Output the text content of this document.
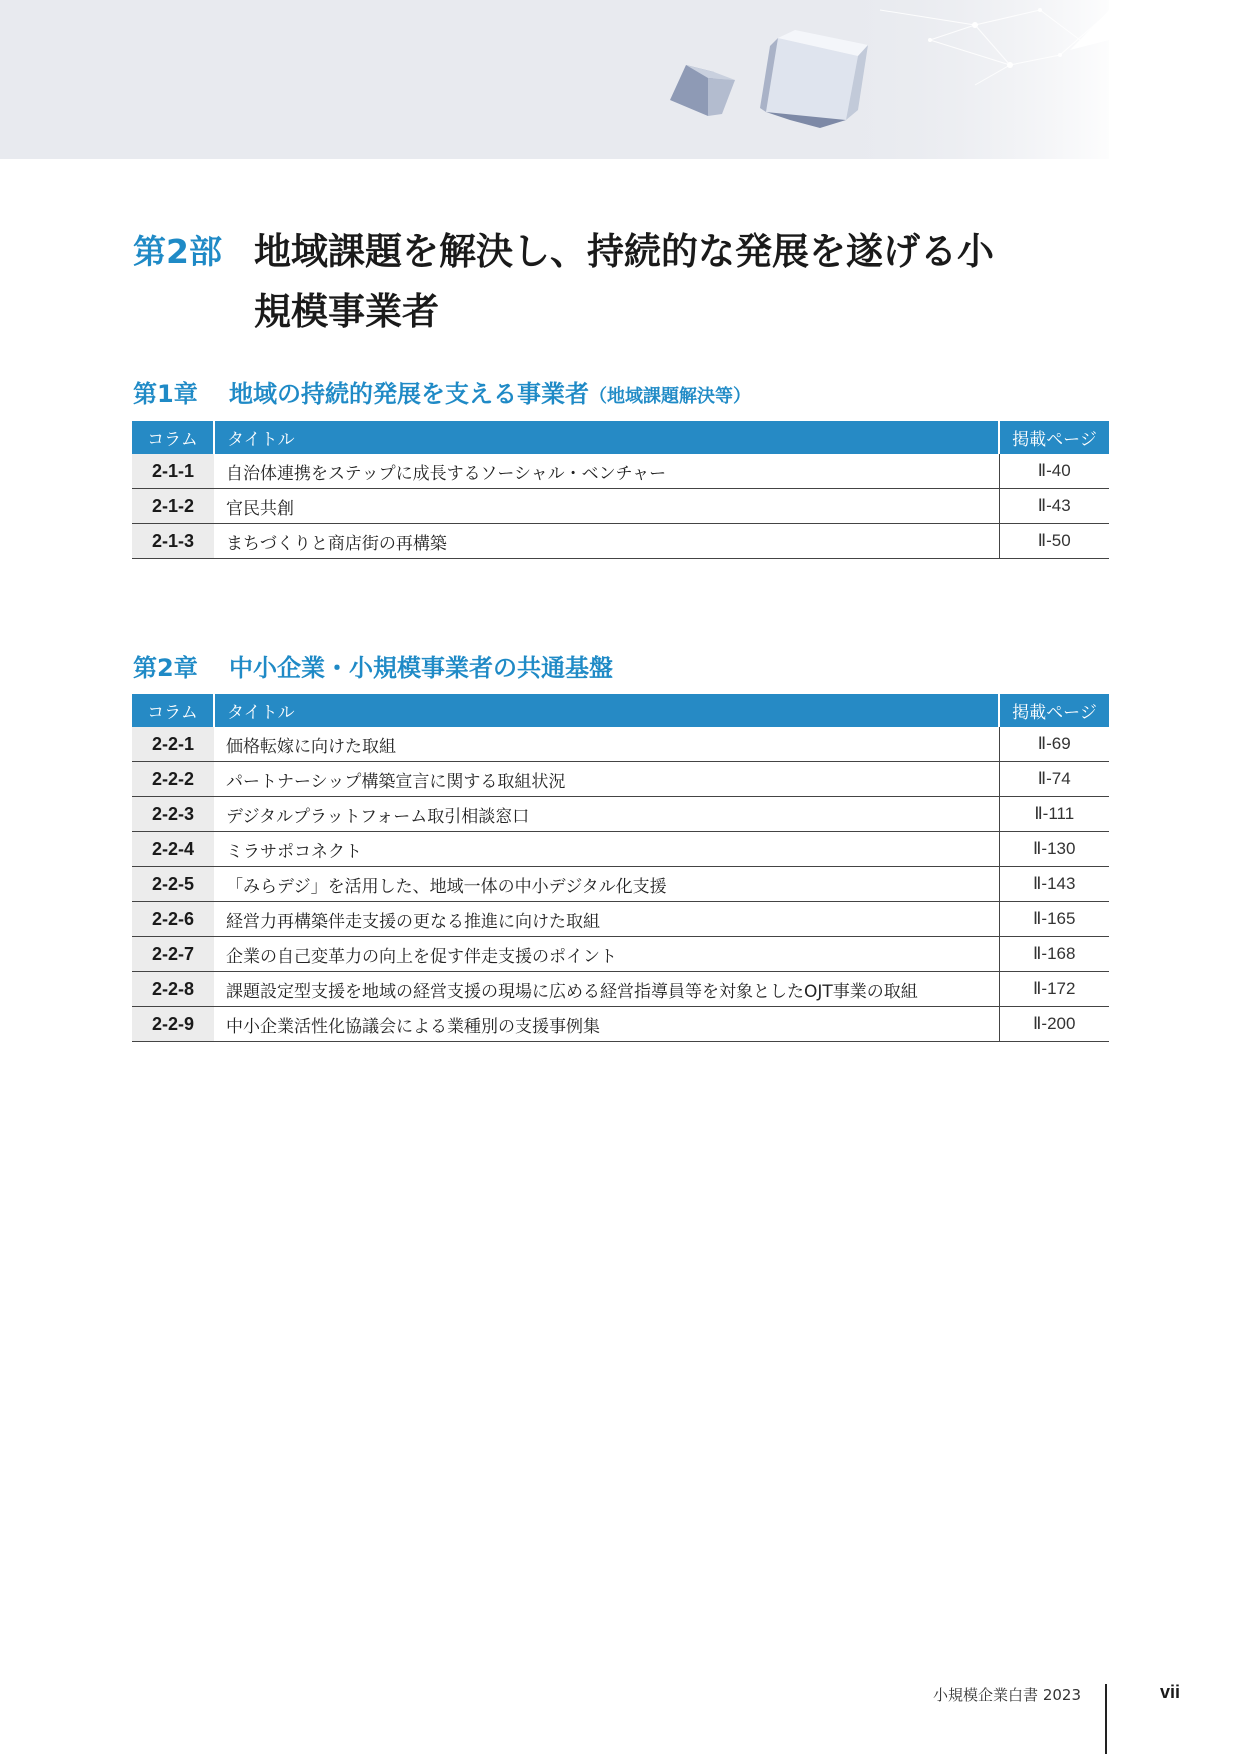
第2部 地域課題を解決し、持続的な発展を遂げる小規模事業者
第1章 地域の持続的発展を支える事業者（地域課題解決等）
コラム	タイトル	掲載ページ
2-1-1	自治体連携をステップに成長するソーシャル・ベンチャー	Ⅱ-40
2-1-2	官民共創	Ⅱ-43
2-1-3	まちづくりと商店街の再構築	Ⅱ-50
第2章 中小企業・小規模事業者の共通基盤
コラム	タイトル	掲載ページ
2-2-1	価格転嫁に向けた取組	Ⅱ-69
2-2-2	パートナーシップ構築宣言に関する取組状況	Ⅱ-74
2-2-3	デジタルプラットフォーム取引相談窓口	Ⅱ-111
2-2-4	ミラサポコネクト	Ⅱ-130
2-2-5	「みらデジ」を活用した、地域一体の中小デジタル化支援	Ⅱ-143
2-2-6	経営力再構築伴走支援の更なる推進に向けた取組	Ⅱ-165
2-2-7	企業の自己変革力の向上を促す伴走支援のポイント	Ⅱ-168
2-2-8	課題設定型支援を地域の経営支援の現場に広める経営指導員等を対象としたOJT事業の取組	Ⅱ-172
2-2-9	中小企業活性化協議会による業種別の支援事例集	Ⅱ-200
小規模企業白書 2023	vii
